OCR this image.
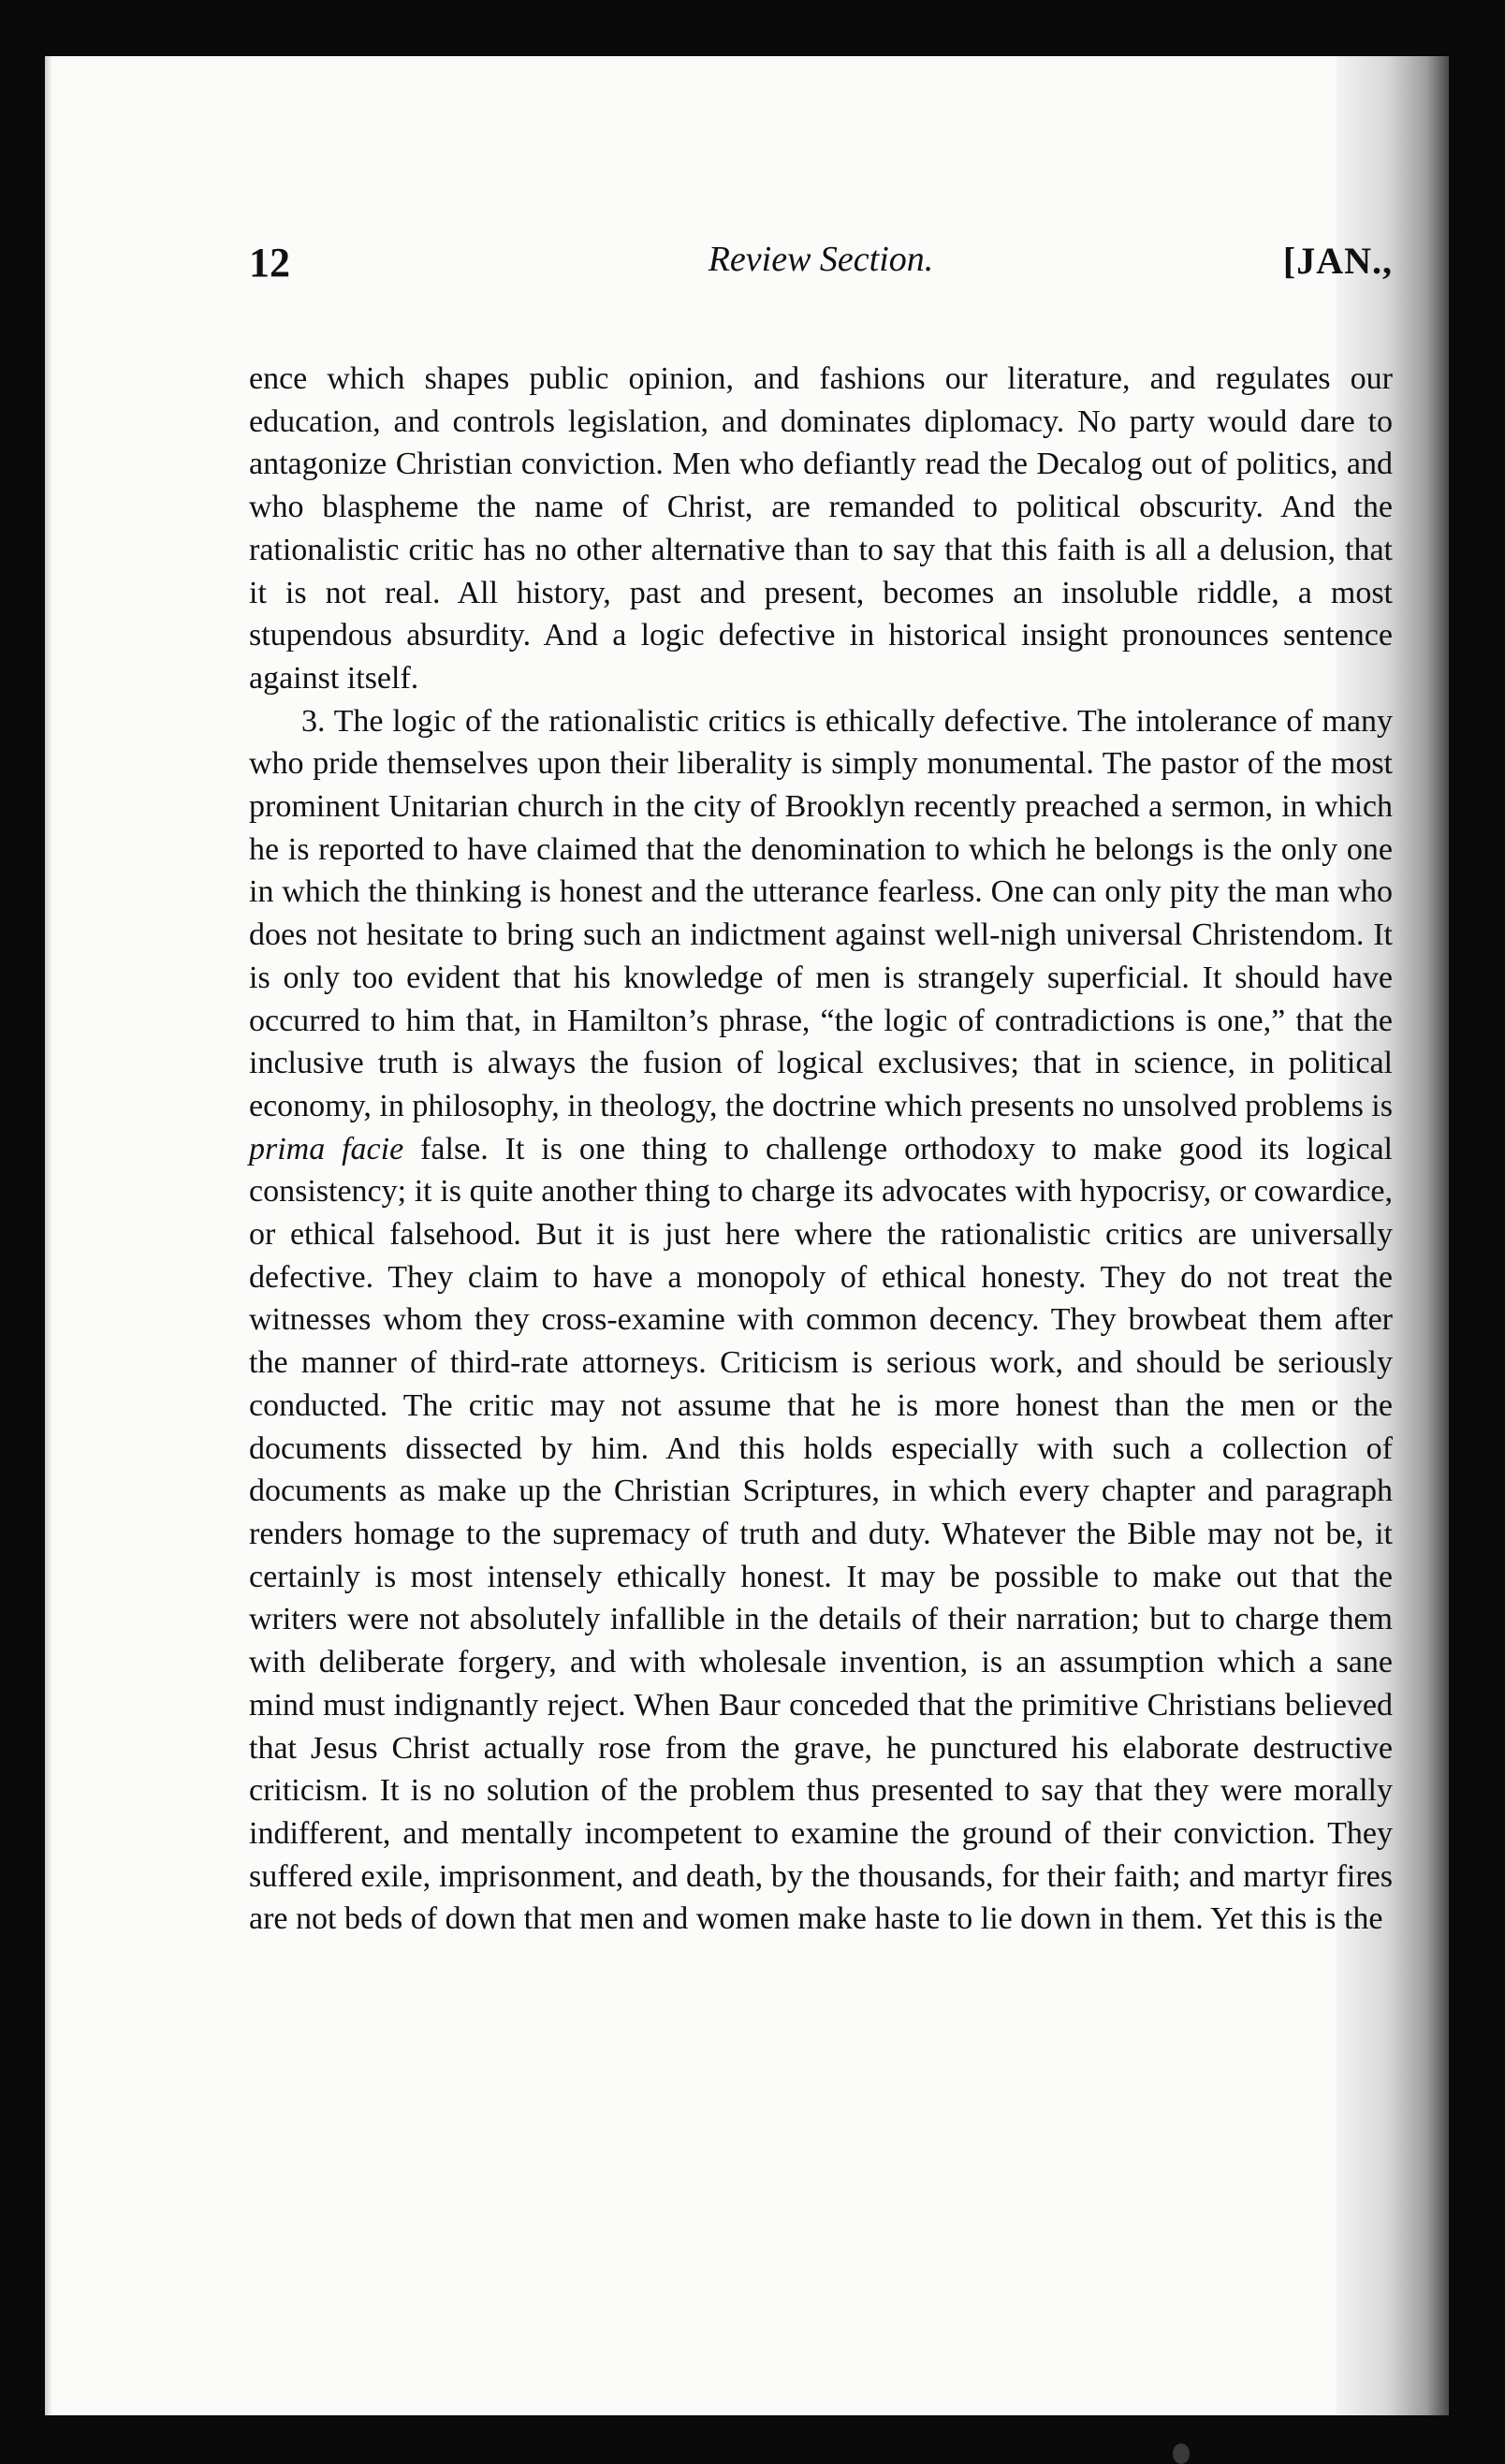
12	Review Section.	[JAN.,

ence which shapes public opinion, and fashions our literature, and regulates our education, and controls legislation, and dominates diplomacy. No party would dare to antagonize Christian conviction. Men who defiantly read the Decalog out of politics, and who blaspheme the name of Christ, are remanded to political obscurity. And the rationalistic critic has no other alternative than to say that this faith is all a delusion, that it is not real. All history, past and present, becomes an insoluble riddle, a most stupendous absurdity. And a logic defective in historical insight pronounces sentence against itself.

3. The logic of the rationalistic critics is ethically defective. The intolerance of many who pride themselves upon their liberality is simply monumental. The pastor of the most prominent Unitarian church in the city of Brooklyn recently preached a sermon, in which he is reported to have claimed that the denomination to which he belongs is the only one in which the thinking is honest and the utterance fearless. One can only pity the man who does not hesitate to bring such an indictment against well-nigh universal Christendom. It is only too evident that his knowledge of men is strangely superficial. It should have occurred to him that, in Hamilton’s phrase, “the logic of contradictions is one,” that the inclusive truth is always the fusion of logical exclusives; that in science, in political economy, in philosophy, in theology, the doctrine which presents no unsolved problems is prima facie false. It is one thing to challenge orthodoxy to make good its logical consistency; it is quite another thing to charge its advocates with hypocrisy, or cowardice, or ethical falsehood. But it is just here where the rationalistic critics are universally defective. They claim to have a monopoly of ethical honesty. They do not treat the witnesses whom they cross-examine with common decency. They browbeat them after the manner of third-rate attorneys. Criticism is serious work, and should be seriously conducted. The critic may not assume that he is more honest than the men or the documents dissected by him. And this holds especially with such a collection of documents as make up the Christian Scriptures, in which every chapter and paragraph renders homage to the supremacy of truth and duty. Whatever the Bible may not be, it certainly is most intensely ethically honest. It may be possible to make out that the writers were not absolutely infallible in the details of their narration; but to charge them with deliberate forgery, and with wholesale invention, is an assumption which a sane mind must indignantly reject. When Baur conceded that the primitive Christians believed that Jesus Christ actually rose from the grave, he punctured his elaborate destructive criticism. It is no solution of the problem thus presented to say that they were morally indifferent, and mentally incompetent to examine the ground of their conviction. They suffered exile, imprisonment, and death, by the thousands, for their faith; and martyr fires are not beds of down that men and women make haste to lie down in them. Yet this is the
